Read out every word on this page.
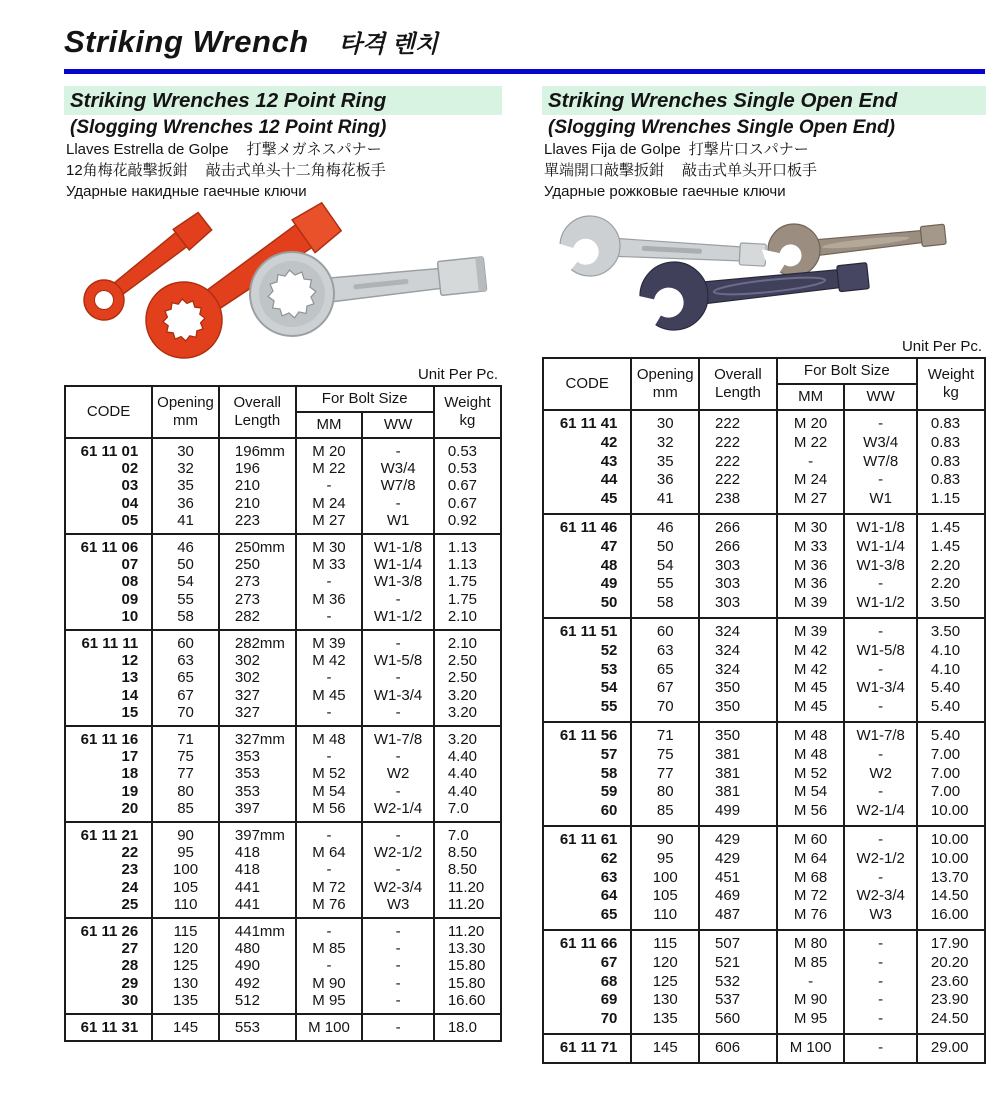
Striking Wrench 타격 렌치
Striking Wrenches 12 Point Ring
(Slogging Wrenches 12 Point Ring)
Llaves Estrella de Golpe 打撃メガネスパナー
12角梅花敲擊扳鉗 敲击式单头十二角梅花板手
Ударные накидные гаечные ключи
Unit Per Pc.
CODE	
Opening
mm

Overall
Length
	For Bolt Size	Weight
kg

			MM	WW	
61 11 01	30	196mm	M 20	-	0.53
02	32	196	M 22	W3/4	0.53
03	35	210	-	W7/8	0.67
04	36	210	M 24	-	0.67
05	41	223	M 27	W1	0.92
61 11 06	46	250mm	M 30	W1-1/8	1.13
07	50	250	M 33	W1-1/4	1.13
08	54	273	-	W1-3/8	1.75
09	55	273	M 36	-	1.75
10	58	282	-	W1-1/2	2.10
61 11 11	60	282mm	M 39	-	2.10
12	63	302	M 42	W1-5/8	2.50
13	65	302	-	-	2.50
14	67	327	M 45	W1-3/4	3.20
15	70	327	-	-	3.20
61 11 16	71	327mm	M 48	W1-7/8	3.20
17	75	353	-	-	4.40
18	77	353	M 52	W2	4.40
19	80	353	M 54	-	4.40
20	85	397	M 56	W2-1/4	7.0
61 11 21	90	397mm	-	-	7.0
22	95	418	M 64	W2-1/2	8.50
23	100	418	-	-	8.50
24	105	441	M 72	W2-3/4	11.20
25	110	441	M 76	W3	11.20
61 11 26	115	441mm	-	-	11.20
27	120	480	M 85	-	13.30
28	125	490	-	-	15.80
29	130	492	M 90	-	15.80
30	135	512	M 95	-	16.60
61 11 31	145	553	M 100	-	18.0
Striking Wrenches Single Open End
(Slogging Wrenches Single Open End)
Llaves Fija de Golpe 打撃片口スパナー
單端開口敲擊扳鉗 敲击式单头开口板手
Ударные рожковые гаечные ключи
Unit Per Pc.
CODE	
Opening
mm

Overall
Length
	For Bolt Size	Weight
kg

			MM	WW	
61 11 41	30	222	M 20	-	0.83
42	32	222	M 22	W3/4	0.83
43	35	222	-	W7/8	0.83
44	36	222	M 24	-	0.83
45	41	238	M 27	W1	1.15
61 11 46	46	266	M 30	W1-1/8	1.45
47	50	266	M 33	W1-1/4	1.45
48	54	303	M 36	W1-3/8	2.20
49	55	303	M 36	-	2.20
50	58	303	M 39	W1-1/2	3.50
61 11 51	60	324	M 39	-	3.50
52	63	324	M 42	W1-5/8	4.10
53	65	324	M 42	-	4.10
54	67	350	M 45	W1-3/4	5.40
55	70	350	M 45	-	5.40
61 11 56	71	350	M 48	W1-7/8	5.40
57	75	381	M 48	-	7.00
58	77	381	M 52	W2	7.00
59	80	381	M 54	-	7.00
60	85	499	M 56	W2-1/4	10.00
61 11 61	90	429	M 60	-	10.00
62	95	429	M 64	W2-1/2	10.00
63	100	451	M 68	-	13.70
64	105	469	M 72	W2-3/4	14.50
65	110	487	M 76	W3	16.00
61 11 66	115	507	M 80	-	17.90
67	120	521	M 85	-	20.20
68	125	532	-	-	23.60
69	130	537	M 90	-	23.90
70	135	560	M 95	-	24.50
61 11 71	145	606	M 100	-	29.00
